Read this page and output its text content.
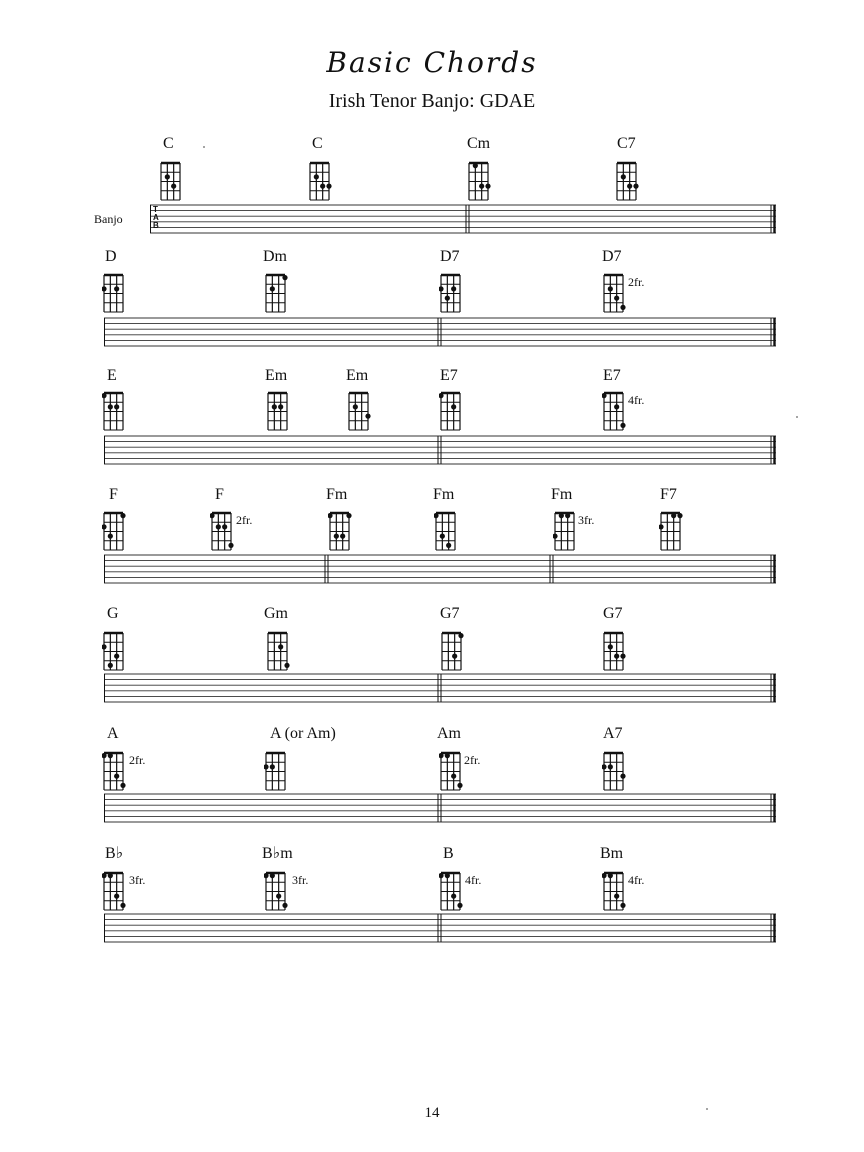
Basic Chords
Irish Tenor Banjo: GDAE
C	C	Cm	C7
Banjo
T
A
B
D	Dm	D7	D7
2fr.
E	Em	Em	E7	E7
4fr.
F	F
2fr.
Fm	Fm	Fm
3fr.
F7
G	Gm	G7	G7
A
2fr.
A (or Am)	Am
2fr.
A7
B♭
3fr.
B♭m
3fr.
B
4fr.
Bm
4fr.
14
